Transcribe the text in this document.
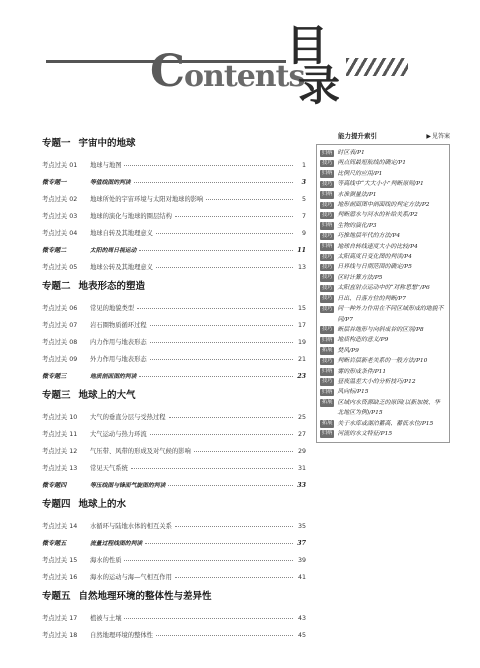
Contents
目
录
专题一 宇宙中的地球
考点过关 01	地球与地图	1
微专题一	等值线图的判读	3
考点过关 02	地球所处的宇宙环境与太阳对地球的影响	5
考点过关 03	地球的演化与地球的圈层结构	7
考点过关 04	地球自转及其地理意义	9
微专题二	太阳的周日视运动	11
考点过关 05	地球公转及其地理意义	13
专题二 地表形态的塑造
考点过关 06	常见的地貌类型	15
考点过关 07	岩石圈物质循环过程	17
考点过关 08	内力作用与地表形态	19
考点过关 09	外力作用与地表形态	21
微专题三	地质剖面图的判读	23
专题三 地球上的大气
考点过关 10	大气的垂直分层与受热过程	25
考点过关 11	大气运动与热力环流	27
考点过关 12	气压带、风带的形成及对气候的影响	29
考点过关 13	常见天气系统	31
微专题四	等压线图与锋面气旋图的判读	33
专题四 地球上的水
考点过关 14	水循环与陆地水体的相互关系	35
微专题五	流量过程线图的判读	37
考点过关 15	海水的性质	39
考点过关 16	海水的运动与海—气相互作用	41
专题五 自然地理环境的整体性与差异性
考点过关 17	植被与土壤	43
考点过关 18	自然地理环境的整体性	45
能力提升索引	▶见答案
归纳 时区表/P1
技巧 两点间最短航线的确定/P1
归纳 比例尺的应用/P1
技巧 等高线中“大大小小”判断原则/P1
归纳 水准测量法/P1
技巧 地形剖面图中剖面线的判定方法/P2
技巧 判断潜水与河水的补给关系/P2
归纳 生物的演化/P3
技巧 巧推地层年代的方法/P4
归纳 地球自转线速度大小的比较/P4
技巧 太阳高度日变化图的判读/P4
技巧 日界线与日期范围的确定/P5
技巧 区时计算方法/P5
技巧 太阳直射点运动中的“对称思想”/P6
技巧 日出、日落方位的判断/P7
技巧 同一种外力作用在不同区域形成的地貌不同/P7
技巧 断层谷地形与向斜成谷的区别/P8
归纳 地质构造的意义/P9
拓展 焚风/P9
技巧 判断岩层新老关系的一般方法/P10
归纳 雾的形成条件/P11
技巧 昼夜温差大小的分析技巧/P12
归纳 风向标/P15
拓展 区域内水资源缺乏的原因(以新加坡、华北地区为例)/P15
拓展 关于水库或湖泊蓄高、蓄低水位/P15
归纳 河流的水文特征/P15
